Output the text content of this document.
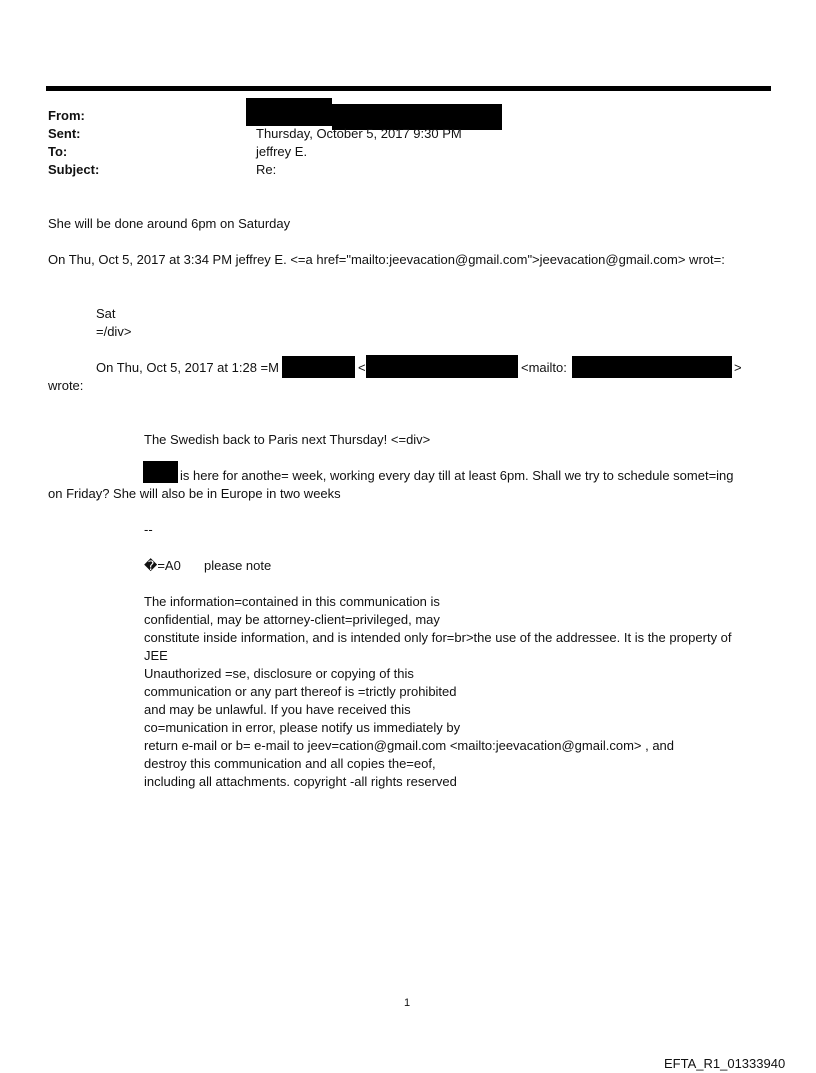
From:
Sent:	Thursday, October 5, 2017 9:30 PM
To:	jeffrey E.
Subject:	Re:
She will be done around 6pm on Saturday
On Thu, Oct 5, 2017 at 3:34 PM jeffrey E. <=a href="mailto:jeevacation@gmail.com">jeevacation@gmail.com> wrot=:
Sat
=/div>
On Thu, Oct 5, 2017 at 1:28 =M	<	<mailto:	>
wrote:
The Swedish back to Paris next Thursday! <=div>
is here for anothe= week, working every day till at least 6pm. Shall we try to schedule somet=ing
on Friday? She will also be in Europe in two weeks
--
�=A0 please note
The information=contained in this communication is
confidential, may be attorney-client=privileged, may
constitute inside information, and is intended only for=br>the use of the addressee. It is the property of
JEE
Unauthorized =se, disclosure or copying of this
communication or any part thereof is =trictly prohibited
and may be unlawful. If you have received this
co=munication in error, please notify us immediately by
return e-mail or b= e-mail to jeev=cation@gmail.com <mailto:jeevacation@gmail.com> , and
destroy this communication and all copies the=eof,
including all attachments. copyright -all rights reserved
1
EFTA_R1_01333940
